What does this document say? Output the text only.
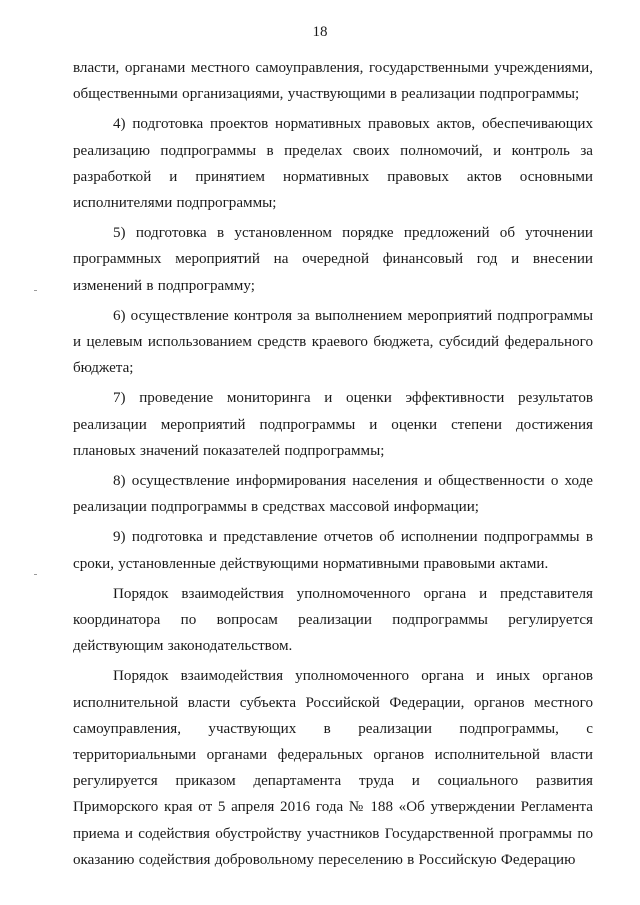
18

власти, органами местного самоуправления, государственными учреждениями, общественными организациями, участвующими в реализации подпрограммы;

4) подготовка проектов нормативных правовых актов, обеспечивающих реализацию подпрограммы в пределах своих полномочий, и контроль за разработкой и принятием нормативных правовых актов основными исполнителями подпрограммы;

5) подготовка в установленном порядке предложений об уточнении программных мероприятий на очередной финансовый год и внесении изменений в подпрограмму;

6) осуществление контроля за выполнением мероприятий подпрограммы и целевым использованием средств краевого бюджета, субсидий федерального бюджета;

7) проведение мониторинга и оценки эффективности результатов реализации мероприятий подпрограммы и оценки степени достижения плановых значений показателей подпрограммы;

8) осуществление информирования населения и общественности о ходе реализации подпрограммы в средствах массовой информации;

9) подготовка и представление отчетов об исполнении подпрограммы в сроки, установленные действующими нормативными правовыми актами.

Порядок взаимодействия уполномоченного органа и представителя координатора по вопросам реализации подпрограммы регулируется действующим законодательством.

Порядок взаимодействия уполномоченного органа и иных органов исполнительной власти субъекта Российской Федерации, органов местного самоуправления, участвующих в реализации подпрограммы, с территориальными органами федеральных органов исполнительной власти регулируется приказом департамента труда и социального развития Приморского края от 5 апреля 2016 года № 188 «Об утверждении Регламента приема и содействия обустройству участников Государственной программы по оказанию содействия добровольному переселению в Российскую Федерацию
